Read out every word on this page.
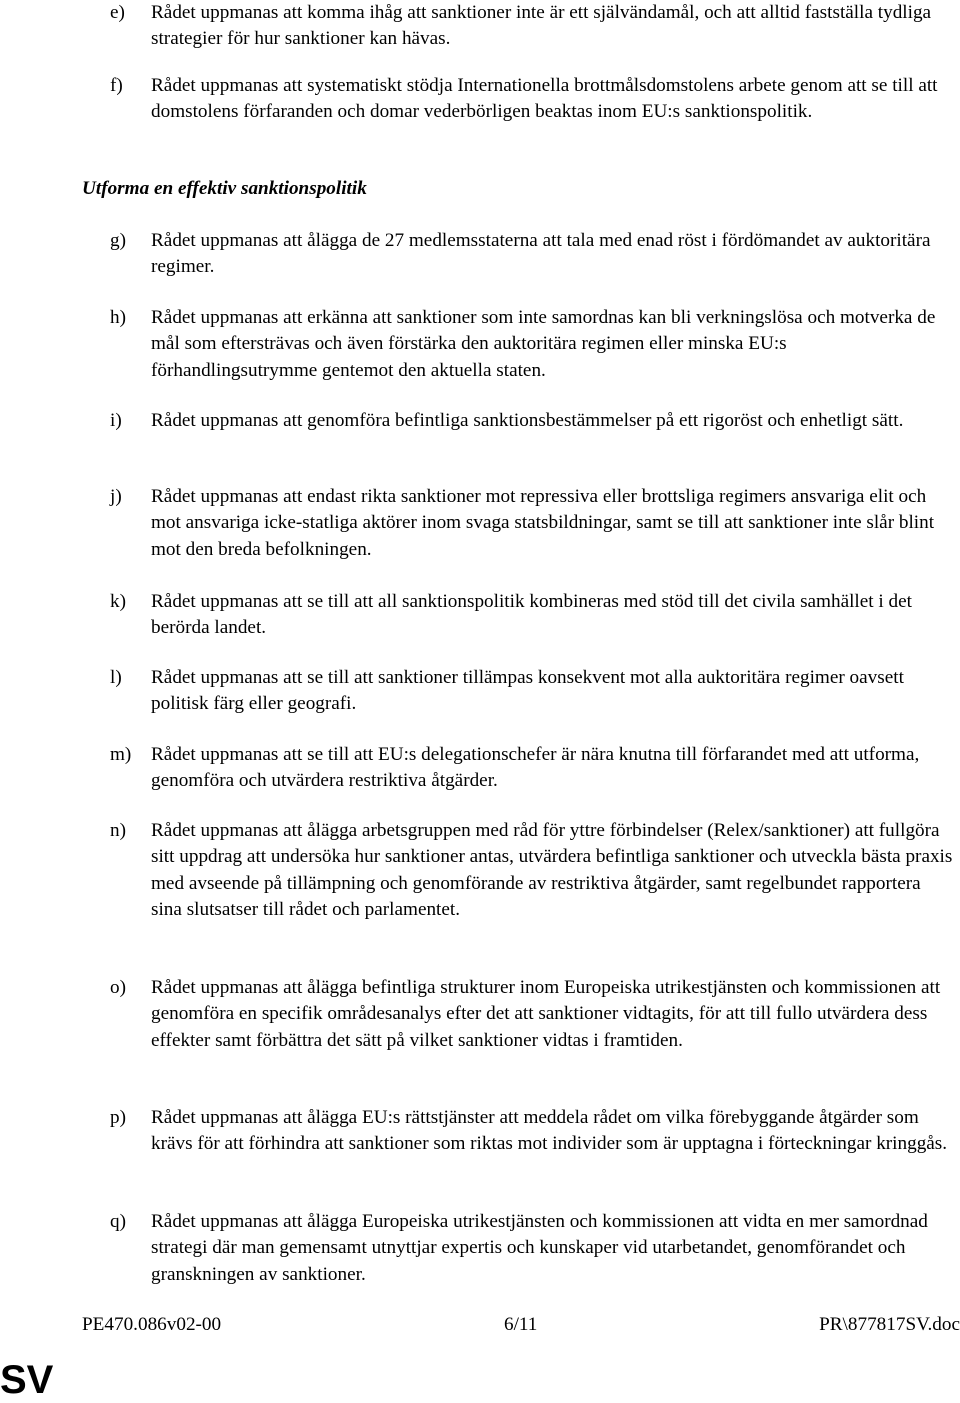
e)	Rådet uppmanas att komma ihåg att sanktioner inte är ett självändamål, och att alltid fastställa tydliga strategier för hur sanktioner kan hävas.
f)	Rådet uppmanas att systematiskt stödja Internationella brottmålsdomstolens arbete genom att se till att domstolens förfaranden och domar vederbörligen beaktas inom EU:s sanktionspolitik.
Utforma en effektiv sanktionspolitik
g)	Rådet uppmanas att ålägga de 27 medlemsstaterna att tala med enad röst i fördömandet av auktoritära regimer.
h)	Rådet uppmanas att erkänna att sanktioner som inte samordnas kan bli verkningslösa och motverka de mål som eftersträvas och även förstärka den auktoritära regimen eller minska EU:s förhandlingsutrymme gentemot den aktuella staten.
i)	Rådet uppmanas att genomföra befintliga sanktionsbestämmelser på ett rigoröst och enhetligt sätt.
j)	Rådet uppmanas att endast rikta sanktioner mot repressiva eller brottsliga regimers ansvariga elit och mot ansvariga icke-statliga aktörer inom svaga statsbildningar, samt se till att sanktioner inte slår blint mot den breda befolkningen.
k)	Rådet uppmanas att se till att all sanktionspolitik kombineras med stöd till det civila samhället i det berörda landet.
l)	Rådet uppmanas att se till att sanktioner tillämpas konsekvent mot alla auktoritära regimer oavsett politisk färg eller geografi.
m)	Rådet uppmanas att se till att EU:s delegationschefer är nära knutna till förfarandet med att utforma, genomföra och utvärdera restriktiva åtgärder.
n)	Rådet uppmanas att ålägga arbetsgruppen med råd för yttre förbindelser (Relex/sanktioner) att fullgöra sitt uppdrag att undersöka hur sanktioner antas, utvärdera befintliga sanktioner och utveckla bästa praxis med avseende på tillämpning och genomförande av restriktiva åtgärder, samt regelbundet rapportera sina slutsatser till rådet och parlamentet.
o)	Rådet uppmanas att ålägga befintliga strukturer inom Europeiska utrikestjänsten och kommissionen att genomföra en specifik områdesanalys efter det att sanktioner vidtagits, för att till fullo utvärdera dess effekter samt förbättra det sätt på vilket sanktioner vidtas i framtiden.
p)	Rådet uppmanas att ålägga EU:s rättstjänster att meddela rådet om vilka förebyggande åtgärder som krävs för att förhindra att sanktioner som riktas mot individer som är upptagna i förteckningar kringgås.
q)	Rådet uppmanas att ålägga Europeiska utrikestjänsten och kommissionen att vidta en mer samordnad strategi där man gemensamt utnyttjar expertis och kunskaper vid utarbetandet, genomförandet och granskningen av sanktioner.
PE470.086v02-00	6/11	PR\877817SV.doc
SV
